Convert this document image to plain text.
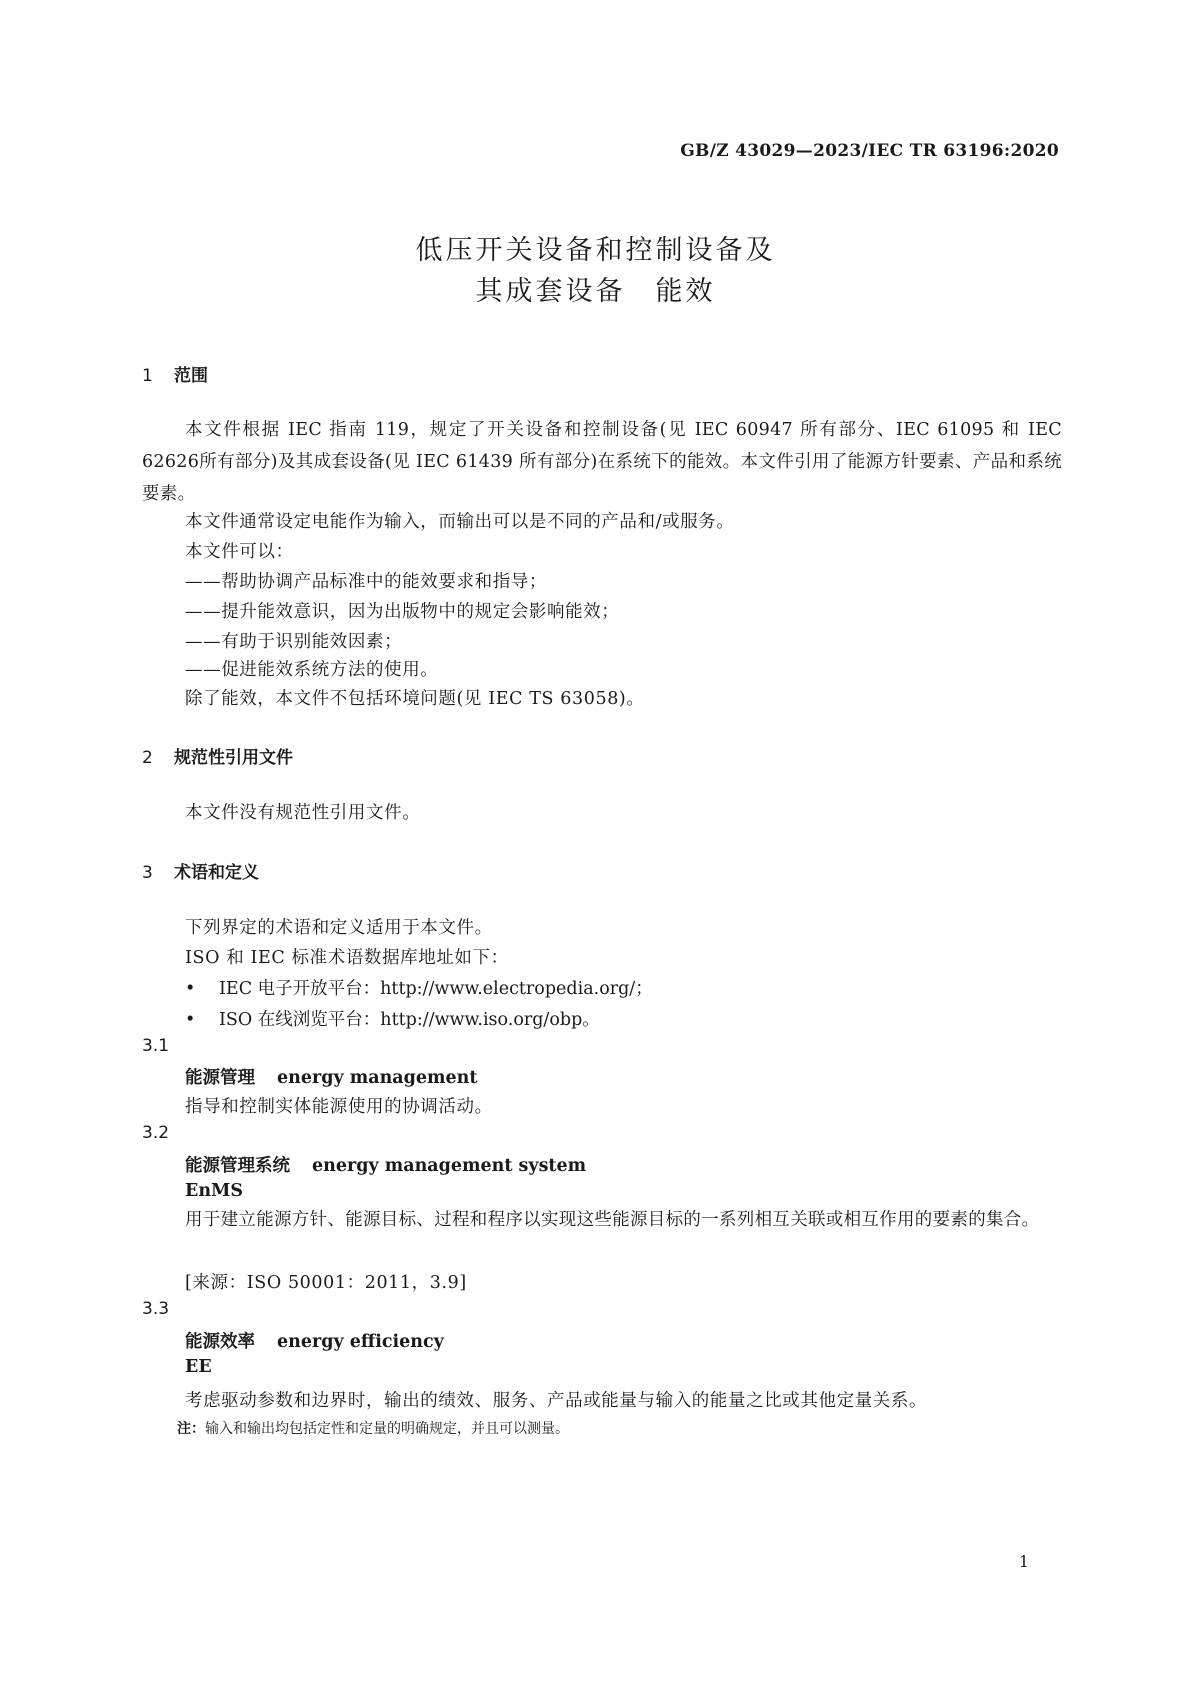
GB/Z 43029—2023/IEC TR 63196:2020
低压开关设备和控制设备及
其成套设备　能效
1 范围
本文件根据 IEC 指南 119，规定了开关设备和控制设备(见 IEC 60947 所有部分、IEC 61095 和 IEC 62626所有部分)及其成套设备(见 IEC 61439 所有部分)在系统下的能效。本文件引用了能源方针要素、产品和系统要素。
本文件通常设定电能作为输入，而输出可以是不同的产品和/或服务。
本文件可以：
——帮助协调产品标准中的能效要求和指导；
——提升能效意识，因为出版物中的规定会影响能效；
——有助于识别能效因素；
——促进能效系统方法的使用。
除了能效，本文件不包括环境问题(见 IEC TS 63058)。
2 规范性引用文件
本文件没有规范性引用文件。
3 术语和定义
下列界定的术语和定义适用于本文件。
ISO 和 IEC 标准术语数据库地址如下：
• IEC 电子开放平台：http://www.electropedia.org/；
• ISO 在线浏览平台：http://www.iso.org/obp。
3.1
能源管理 energy management
指导和控制实体能源使用的协调活动。
3.2
能源管理系统 energy management system
EnMS
用于建立能源方针、能源目标、过程和程序以实现这些能源目标的一系列相互关联或相互作用的要素的集合。
[来源：ISO 50001：2011，3.9]
3.3
能源效率 energy efficiency
EE
考虑驱动参数和边界时，输出的绩效、服务、产品或能量与输入的能量之比或其他定量关系。
注：输入和输出均包括定性和定量的明确规定，并且可以测量。
1
